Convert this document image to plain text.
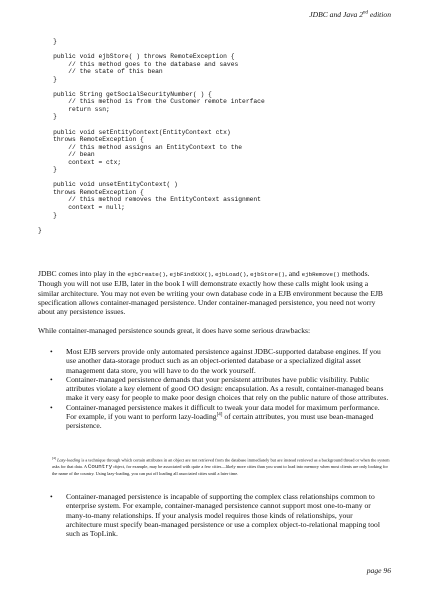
JDBC and Java 2nd edition
}

public void ejbStore( ) throws RemoteException {
// this method goes to the database and saves
// the state of this bean
}

public String getSocialSecurityNumber( ) {
// this method is from the Customer remote interface
return ssn;
}

public void setEntityContext(EntityContext ctx)
throws RemoteException {
// this method assigns an EntityContext to the
// bean
context = ctx;
}

public void unsetEntityContext( )
throws RemoteException {
// this method removes the EntityContext assignment
context = null;
}

}

JDBC comes into play in the ejbCreate(), ejbFindXXX(), ejbLoad(), ejbStore(), and ejbRemove() methods. Though you will not use EJB, later in the book I will demonstrate exactly how these calls might look using a similar architecture. You may not even be writing your own database code in a EJB environment because the EJB specification allows container-managed persistence. Under container-managed persistence, you need not worry about any persistence issues.

While container-managed persistence sounds great, it does have some serious drawbacks:

• Most EJB servers provide only automated persistence against JDBC-supported database engines. If you use another data-storage product such as an object-oriented database or a specialized digital asset management data store, you will have to do the work yourself.
• Container-managed persistence demands that your persistent attributes have public visibility. Public attributes violate a key element of good OO design: encapsulation. As a result, container-managed beans make it very easy for people to make poor design choices that rely on the public nature of those attributes.
• Container-managed persistence makes it difficult to tweak your data model for maximum performance. For example, if you want to perform lazy-loading[4] of certain attributes, you must use bean-managed persistence.
[4] Lazy-loading is a technique through which certain attributes in an object are not retrieved from the database immediately but are instead retrieved as a background thread or when the system asks for that data. A Country object, for example, may be associated with quite a few cities—likely more cities than you want to load into memory when most clients are only looking for the name of the country. Using lazy-loading, you can put off loading all associated cities until a later time.
• Container-managed persistence is incapable of supporting the complex class relationships common to enterprise system. For example, container-managed persistence cannot support most one-to-many or many-to-many relationships. If your analysis model requires those kinds of relationships, your architecture must specify bean-managed persistence or use a complex object-to-relational mapping tool such as TopLink.
page 96
